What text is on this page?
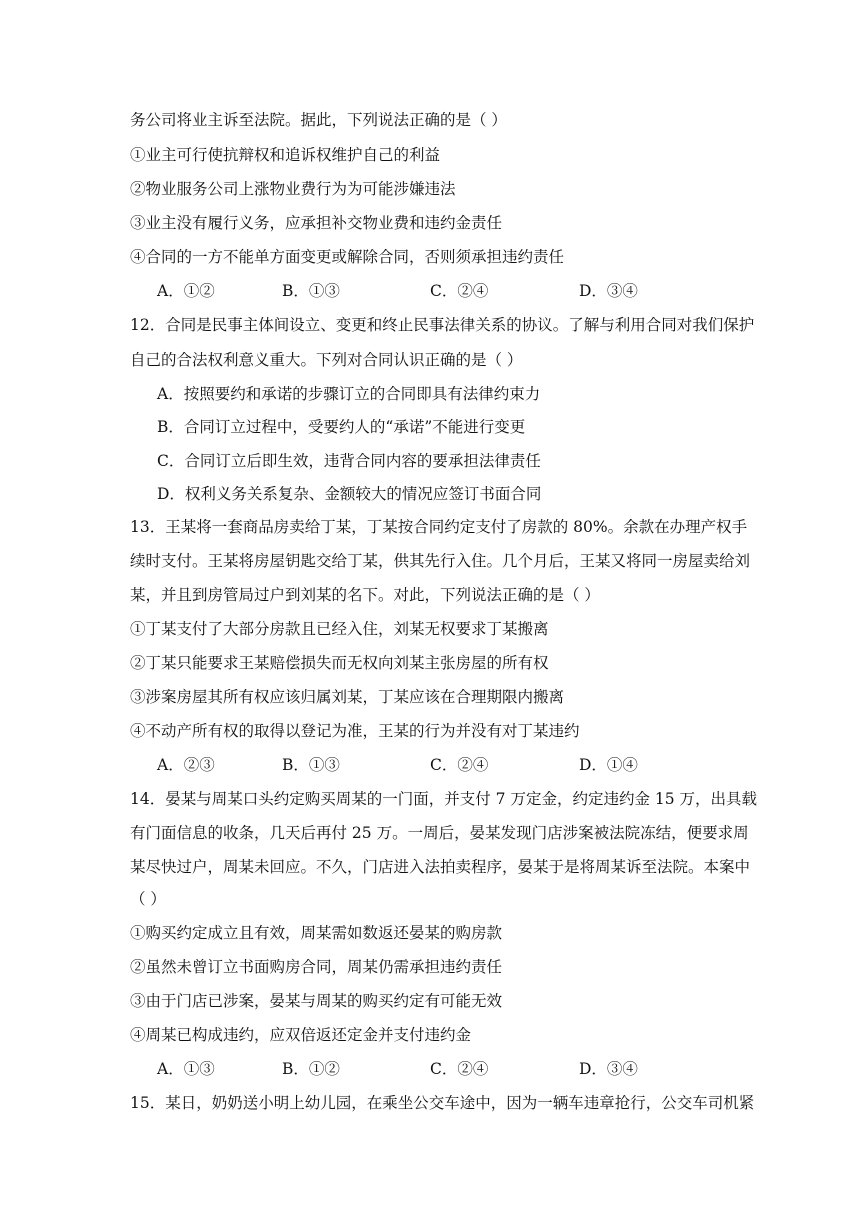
务公司将业主诉至法院。据此，下列说法正确的是（ ）
①业主可行使抗辩权和追诉权维护自己的利益
②物业服务公司上涨物业费行为为可能涉嫌违法
③业主没有履行义务，应承担补交物业费和违约金责任
④合同的一方不能单方面变更或解除合同，否则须承担违约责任
A．①②	B．①③	C．②④	D．③④
12．合同是民事主体间设立、变更和终止民事法律关系的协议。了解与利用合同对我们保护
自己的合法权利意义重大。下列对合同认识正确的是（ ）
A．按照要约和承诺的步骤订立的合同即具有法律约束力
B．合同订立过程中，受要约人的“承诺”不能进行变更
C．合同订立后即生效，违背合同内容的要承担法律责任
D．权利义务关系复杂、金额较大的情况应签订书面合同
13．王某将一套商品房卖给丁某，丁某按合同约定支付了房款的 80%。余款在办理产权手
续时支付。王某将房屋钥匙交给丁某，供其先行入住。几个月后，王某又将同一房屋卖给刘
某，并且到房管局过户到刘某的名下。对此，下列说法正确的是（ ）
①丁某支付了大部分房款且已经入住，刘某无权要求丁某搬离
②丁某只能要求王某赔偿损失而无权向刘某主张房屋的所有权
③涉案房屋其所有权应该归属刘某，丁某应该在合理期限内搬离
④不动产所有权的取得以登记为准，王某的行为并没有对丁某违约
A．②③	B．①③	C．②④	D．①④
14．晏某与周某口头约定购买周某的一门面，并支付 7 万定金，约定违约金 15 万，出具载
有门面信息的收条，几天后再付 25 万。一周后，晏某发现门店涉案被法院冻结，便要求周
某尽快过户，周某未回应。不久，门店进入法拍卖程序，晏某于是将周某诉至法院。本案中
（ ）
①购买约定成立且有效，周某需如数返还晏某的购房款
②虽然未曾订立书面购房合同，周某仍需承担违约责任
③由于门店已涉案，晏某与周某的购买约定有可能无效
④周某已构成违约，应双倍返还定金并支付违约金
A．①③	B．①②	C．②④	D．③④
15．某日，奶奶送小明上幼儿园，在乘坐公交车途中，因为一辆车违章抢行，公交车司机紧
